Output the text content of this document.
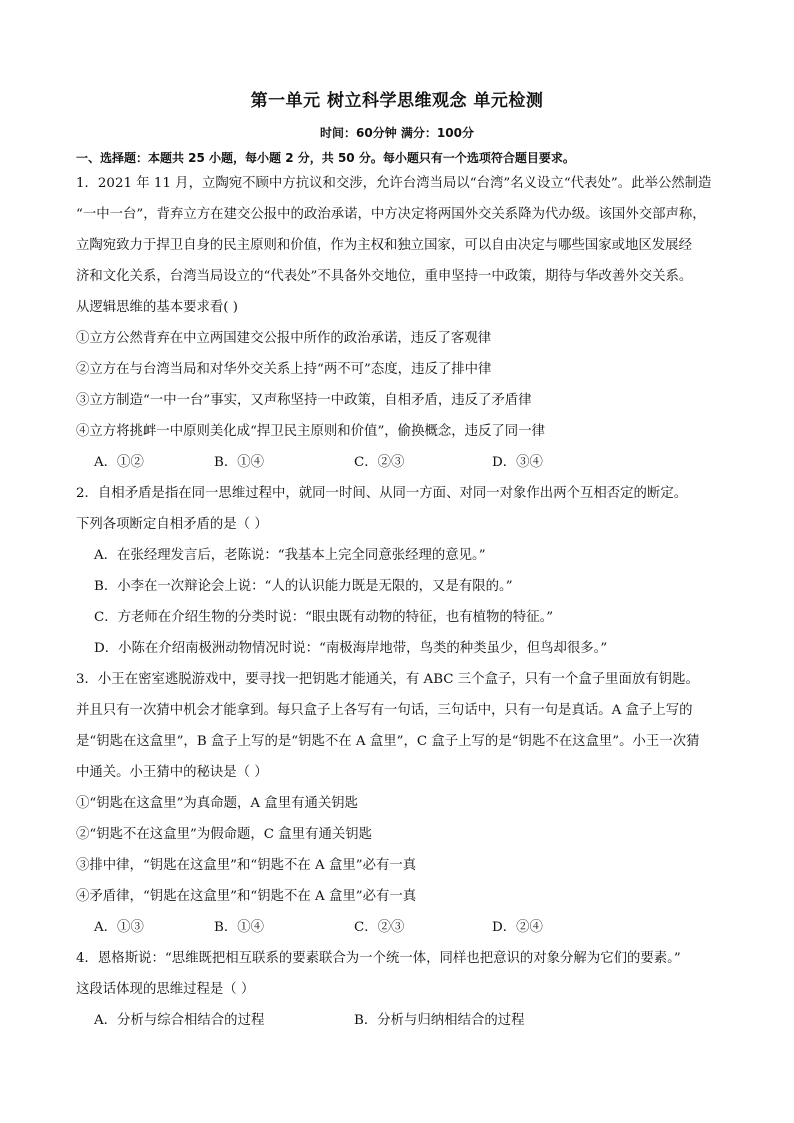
第一单元 树立科学思维观念 单元检测
时间：60分钟 满分：100分
一、选择题：本题共 25 小题，每小题 2 分，共 50 分。每小题只有一个选项符合题目要求。
1．2021 年 11 月，立陶宛不顾中方抗议和交涉，允许台湾当局以“台湾”名义设立“代表处”。此举公然制造
“一中一台”，背弃立方在建交公报中的政治承诺，中方决定将两国外交关系降为代办级。该国外交部声称，
立陶宛致力于捍卫自身的民主原则和价值，作为主权和独立国家，可以自由决定与哪些国家或地区发展经
济和文化关系，台湾当局设立的“代表处”不具备外交地位，重申坚持一中政策，期待与华改善外交关系。
从逻辑思维的基本要求看( )
①立方公然背弃在中立两国建交公报中所作的政治承诺，违反了客观律
②立方在与台湾当局和对华外交关系上持“两不可”态度，违反了排中律
③立方制造“一中一台”事实，又声称坚持一中政策，自相矛盾，违反了矛盾律
④立方将挑衅一中原则美化成“捍卫民主原则和价值”，偷换概念，违反了同一律
A．①②	B．①④	C．②③	D．③④
2．自相矛盾是指在同一思维过程中，就同一时间、从同一方面、对同一对象作出两个互相否定的断定。
下列各项断定自相矛盾的是（ ）
A．在张经理发言后，老陈说：“我基本上完全同意张经理的意见。”
B．小李在一次辩论会上说：“人的认识能力既是无限的，又是有限的。”
C．方老师在介绍生物的分类时说：“眼虫既有动物的特征，也有植物的特征。”
D．小陈在介绍南极洲动物情况时说：“南极海岸地带，鸟类的种类虽少，但鸟却很多。”
3．小王在密室逃脱游戏中，要寻找一把钥匙才能通关，有 ABC 三个盒子，只有一个盒子里面放有钥匙。
并且只有一次猜中机会才能拿到。每只盒子上各写有一句话，三句话中，只有一句是真话。A 盒子上写的
是“钥匙在这盒里”，B 盒子上写的是“钥匙不在 A 盒里”，C 盒子上写的是“钥匙不在这盒里”。小王一次猜
中通关。小王猜中的秘诀是（ ）
①“钥匙在这盒里”为真命题，A 盒里有通关钥匙
②“钥匙不在这盒里”为假命题，C 盒里有通关钥匙
③排中律，“钥匙在这盒里”和“钥匙不在 A 盒里”必有一真
④矛盾律，“钥匙在这盒里”和“钥匙不在 A 盒里”必有一真
A．①③	B．①④	C．②③	D．②④
4．恩格斯说：“思维既把相互联系的要素联合为一个统一体，同样也把意识的对象分解为它们的要素。”
这段话体现的思维过程是（ ）
A．分析与综合相结合的过程	B．分析与归纳相结合的过程
